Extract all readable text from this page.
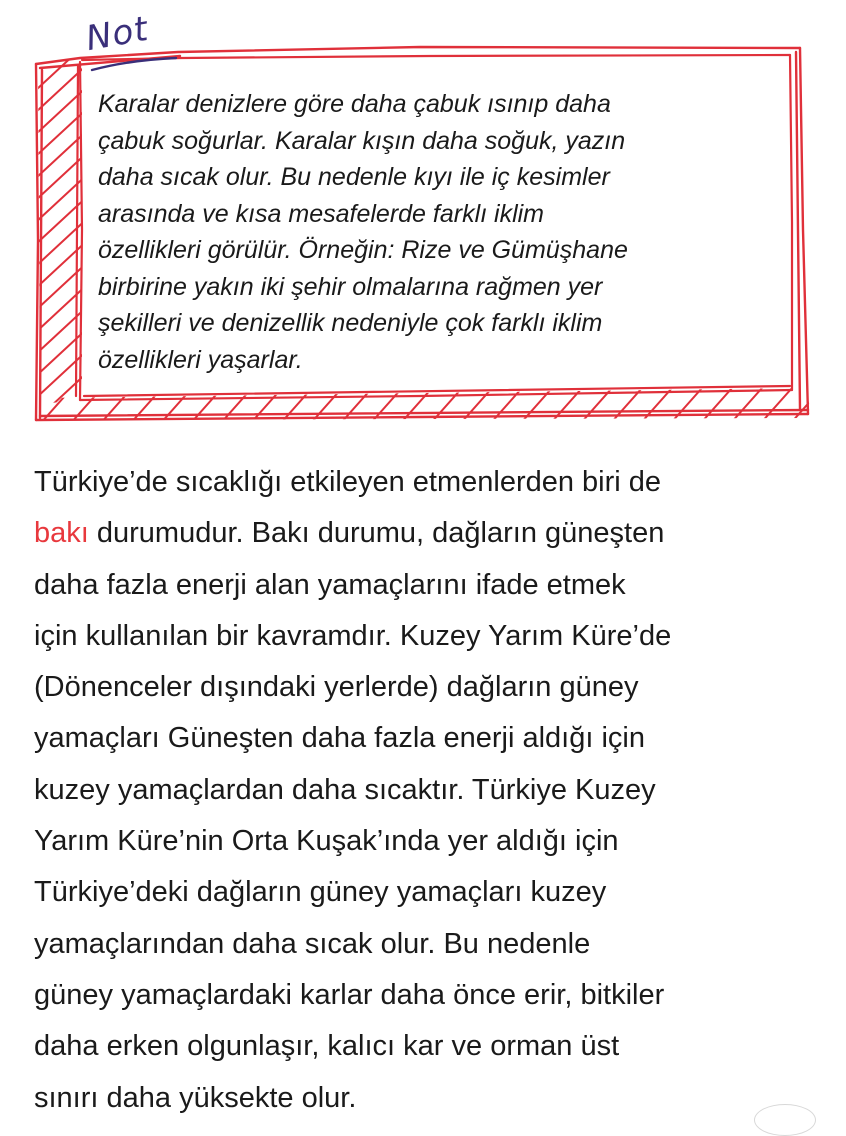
Not

Karalar denizlere göre daha çabuk ısınıp daha
çabuk soğurlar. Karalar kışın daha soğuk, yazın
daha sıcak olur. Bu nedenle kıyı ile iç kesimler
arasında ve kısa mesafelerde farklı iklim
özellikleri görülür. Örneğin: Rize ve Gümüşhane
birbirine yakın iki şehir olmalarına rağmen yer
şekilleri ve denizellik nedeniyle çok farklı iklim
özellikleri yaşarlar.

Türkiye’de sıcaklığı etkileyen etmenlerden biri de
bakı durumudur. Bakı durumu, dağların güneşten
daha fazla enerji alan yamaçlarını ifade etmek
için kullanılan bir kavramdır. Kuzey Yarım Küre’de
(Dönenceler dışındaki yerlerde) dağların güney
yamaçları Güneşten daha fazla enerji aldığı için
kuzey yamaçlardan daha sıcaktır. Türkiye Kuzey
Yarım Küre’nin Orta Kuşak’ında yer aldığı için
Türkiye’deki dağların güney yamaçları kuzey
yamaçlarından daha sıcak olur. Bu nedenle
güney yamaçlardaki karlar daha önce erir, bitkiler
daha erken olgunlaşır, kalıcı kar ve orman üst
sınırı daha yüksekte olur.
